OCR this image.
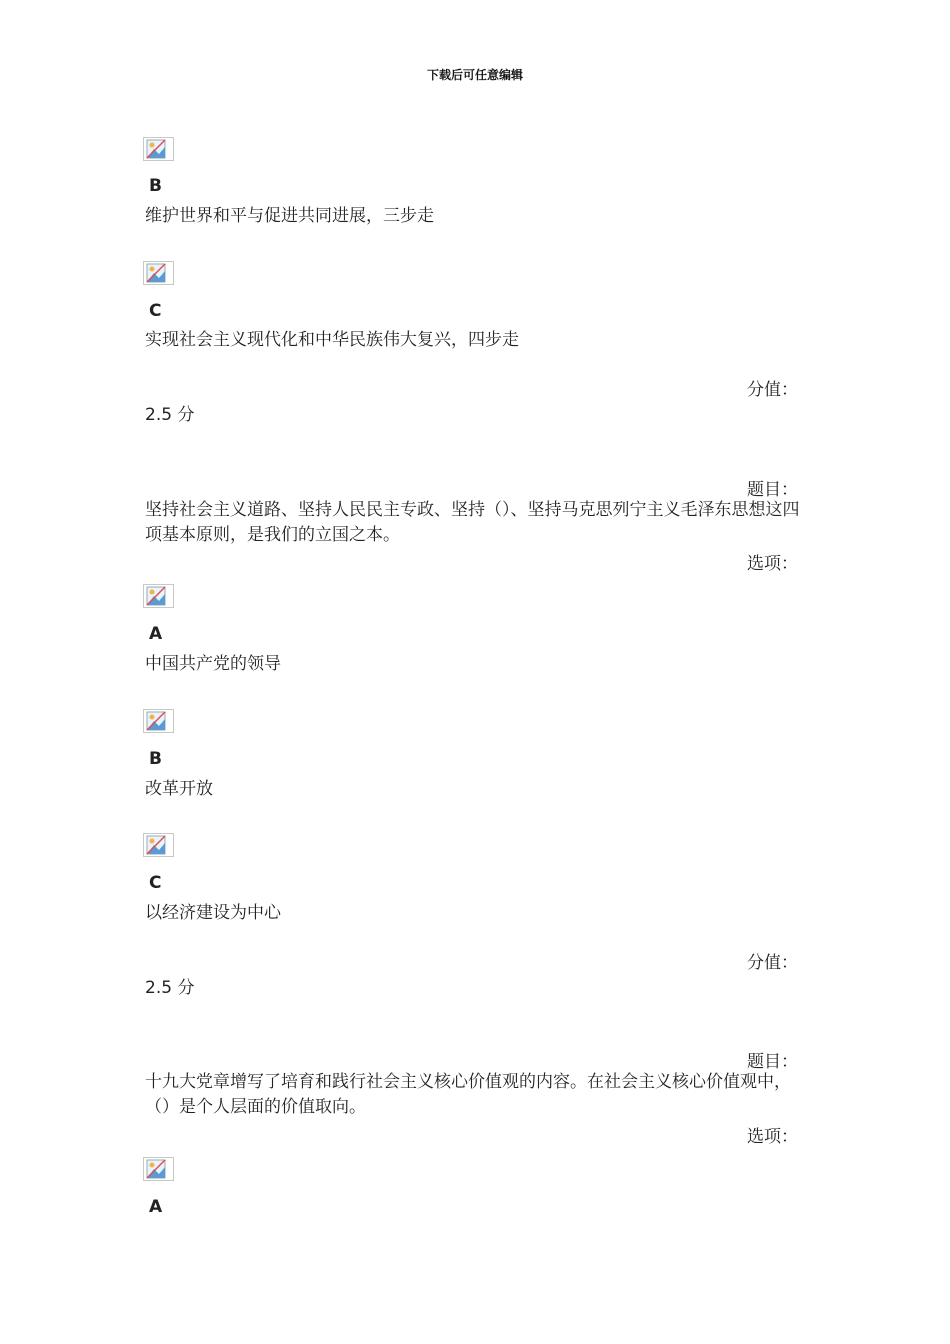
下载后可任意编辑
B
维护世界和平与促进共同进展，三步走
C
实现社会主义现代化和中华民族伟大复兴，四步走
分值：
2.5 分
题目：
坚持社会主义道路、坚持人民民主专政、坚持（）、坚持马克思列宁主义毛泽东思想这四项基本原则，是我们的立国之本。
选项：
A
中国共产党的领导
B
改革开放
C
以经济建设为中心
分值：
2.5 分
题目：
十九大党章增写了培育和践行社会主义核心价值观的内容。在社会主义核心价值观中，（）是个人层面的价值取向。
选项：
A
